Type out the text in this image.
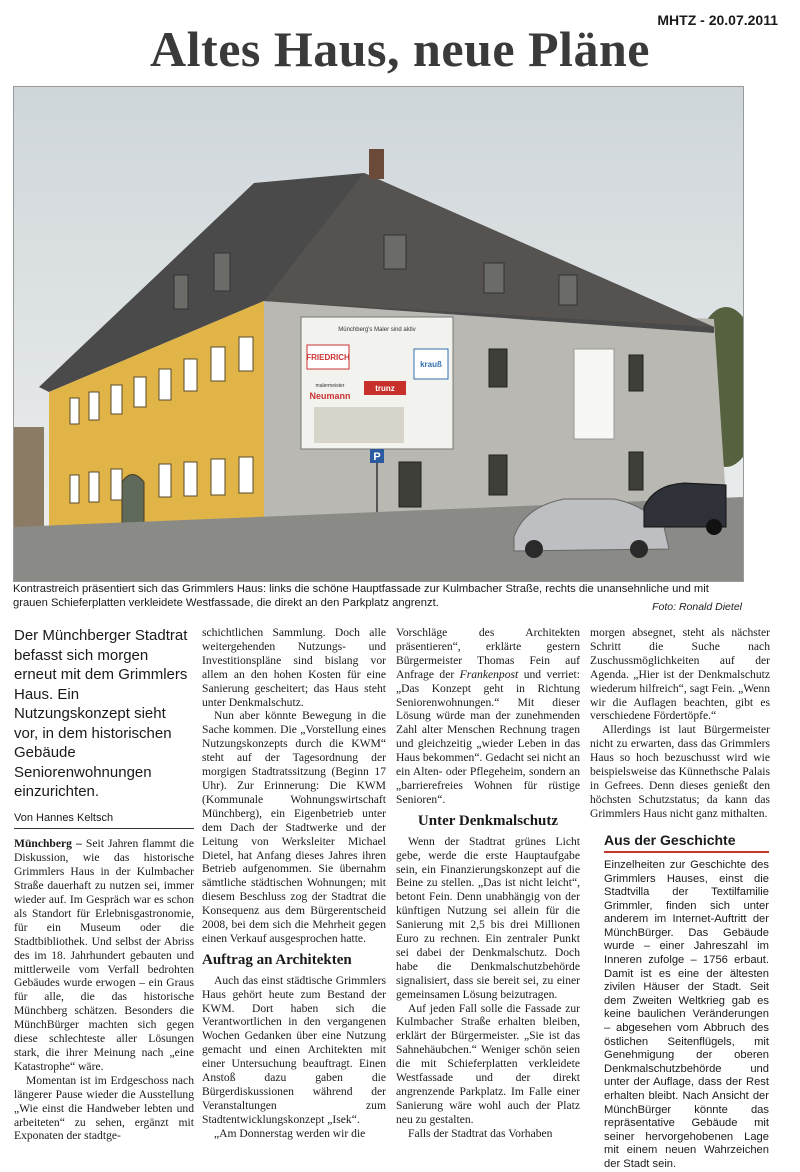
MHTZ - 20.07.2011
Altes Haus, neue Pläne
Münchberg's Maler sind aktiv
FRIEDRICH
krauß
malermeister
Neumann
trunz
P
Kontrastreich präsentiert sich das Grimmlers Haus: links die schöne Hauptfassade zur Kulmbacher Straße, rechts die unansehnliche und mit grauen Schieferplatten verkleidete Westfassade, die direkt an den Parkplatz angrenzt.	Foto: Ronald Dietel

Der Münchberger Stadtrat befasst sich morgen erneut mit dem Grimmlers Haus. Ein Nutzungskonzept sieht vor, in dem historischen Gebäude Seniorenwohnungen einzurichten.

Von Hannes Keltsch

Münchberg – Seit Jahren flammt die Diskussion, wie das historische Grimmlers Haus in der Kulmbacher Straße dauerhaft zu nutzen sei, immer wieder auf. Im Gespräch war es schon als Standort für Erlebnisgastronomie, für ein Museum oder die Stadtbibliothek. Und selbst der Abriss des im 18. Jahrhundert gebauten und mittlerweile vom Verfall bedrohten Gebäudes wurde erwogen – ein Graus für alle, die das historische Münchberg schätzen. Besonders die MünchBürger machten sich gegen diese schlechteste aller Lösungen stark, die ihrer Meinung nach „eine Katastrophe“ wäre.

Momentan ist im Erdgeschoss nach längerer Pause wieder die Ausstellung „Wie einst die Handweber lebten und arbeiteten“ zu sehen, ergänzt mit Exponaten der stadtge-

schichtlichen Sammlung. Doch alle weitergehenden Nutzungs- und Investitionspläne sind bislang vor allem an den hohen Kosten für eine Sanierung gescheitert; das Haus steht unter Denkmalschutz.

Nun aber könnte Bewegung in die Sache kommen. Die „Vorstellung eines Nutzungskonzepts durch die KWM“ steht auf der Tagesordnung der morgigen Stadtratssitzung (Beginn 17 Uhr). Zur Erinnerung: Die KWM (Kommunale Wohnungswirtschaft Münchberg), ein Eigenbetrieb unter dem Dach der Stadtwerke und der Leitung von Werksleiter Michael Dietel, hat Anfang dieses Jahres ihren Betrieb aufgenommen. Sie übernahm sämtliche städtischen Wohnungen; mit diesem Beschluss zog der Stadtrat die Konsequenz aus dem Bürgerentscheid 2008, bei dem sich die Mehrheit gegen einen Verkauf ausgesprochen hatte.

Auftrag an Architekten

Auch das einst städtische Grimmlers Haus gehört heute zum Bestand der KWM. Dort haben sich die Verantwortlichen in den vergangenen Wochen Gedanken über eine Nutzung gemacht und einen Architekten mit einer Untersuchung beauftragt. Einen Anstoß dazu gaben die Bürgerdiskussionen während der Veranstaltungen zum Stadtentwicklungskonzept „Isek“.

„Am Donnerstag werden wir die

Vorschläge des Architekten präsentieren“, erklärte gestern Bürgermeister Thomas Fein auf Anfrage der Frankenpost und verriet: „Das Konzept geht in Richtung Seniorenwohnungen.“ Mit dieser Lösung würde man der zunehmenden Zahl alter Menschen Rechnung tragen und gleichzeitig „wieder Leben in das Haus bekommen“. Gedacht sei nicht an ein Alten- oder Pflegeheim, sondern an „barrierefreies Wohnen für rüstige Senioren“.

Unter Denkmalschutz

Wenn der Stadtrat grünes Licht gebe, werde die erste Hauptaufgabe sein, ein Finanzierungskonzept auf die Beine zu stellen. „Das ist nicht leicht“, betont Fein. Denn unabhängig von der künftigen Nutzung sei allein für die Sanierung mit 2,5 bis drei Millionen Euro zu rechnen. Ein zentraler Punkt sei dabei der Denkmalschutz. Doch habe die Denkmalschutzbehörde signalisiert, dass sie bereit sei, zu einer gemeinsamen Lösung beizutragen.

Auf jeden Fall solle die Fassade zur Kulmbacher Straße erhalten bleiben, erklärt der Bürgermeister. „Sie ist das Sahnehäubchen.“ Weniger schön seien die mit Schieferplatten verkleidete Westfassade und der direkt angrenzende Parkplatz. Im Falle einer Sanierung wäre wohl auch der Platz neu zu gestalten.

Falls der Stadtrat das Vorhaben

morgen absegnet, steht als nächster Schritt die Suche nach Zuschussmöglichkeiten auf der Agenda. „Hier ist der Denkmalschutz wiederum hilfreich“, sagt Fein. „Wenn wir die Auflagen beachten, gibt es verschiedene Fördertöpfe.“

Allerdings ist laut Bürgermeister nicht zu erwarten, dass das Grimmlers Haus so hoch bezuschusst wird wie beispielsweise das Künnethsche Palais in Gefrees. Denn dieses genießt den höchsten Schutzstatus; da kann das Grimmlers Haus nicht ganz mithalten.

Aus der Geschichte

Einzelheiten zur Geschichte des Grimmlers Hauses, einst die Stadtvilla der Textilfamilie Grimmler, finden sich unter anderem im Internet-Auftritt der MünchBürger. Das Gebäude wurde – einer Jahreszahl im Inneren zufolge – 1756 erbaut. Damit ist es eine der ältesten zivilen Häuser der Stadt. Seit dem Zweiten Weltkrieg gab es keine baulichen Veränderungen – abgesehen vom Abbruch des östlichen Seitenflügels, mit Genehmigung der oberen Denkmalschutzbehörde und unter der Auflage, dass der Rest erhalten bleibt. Nach Ansicht der MünchBürger könnte das repräsentative Gebäude mit seiner hervorgehobenen Lage mit einem neuen Wahrzeichen der Stadt sein.
